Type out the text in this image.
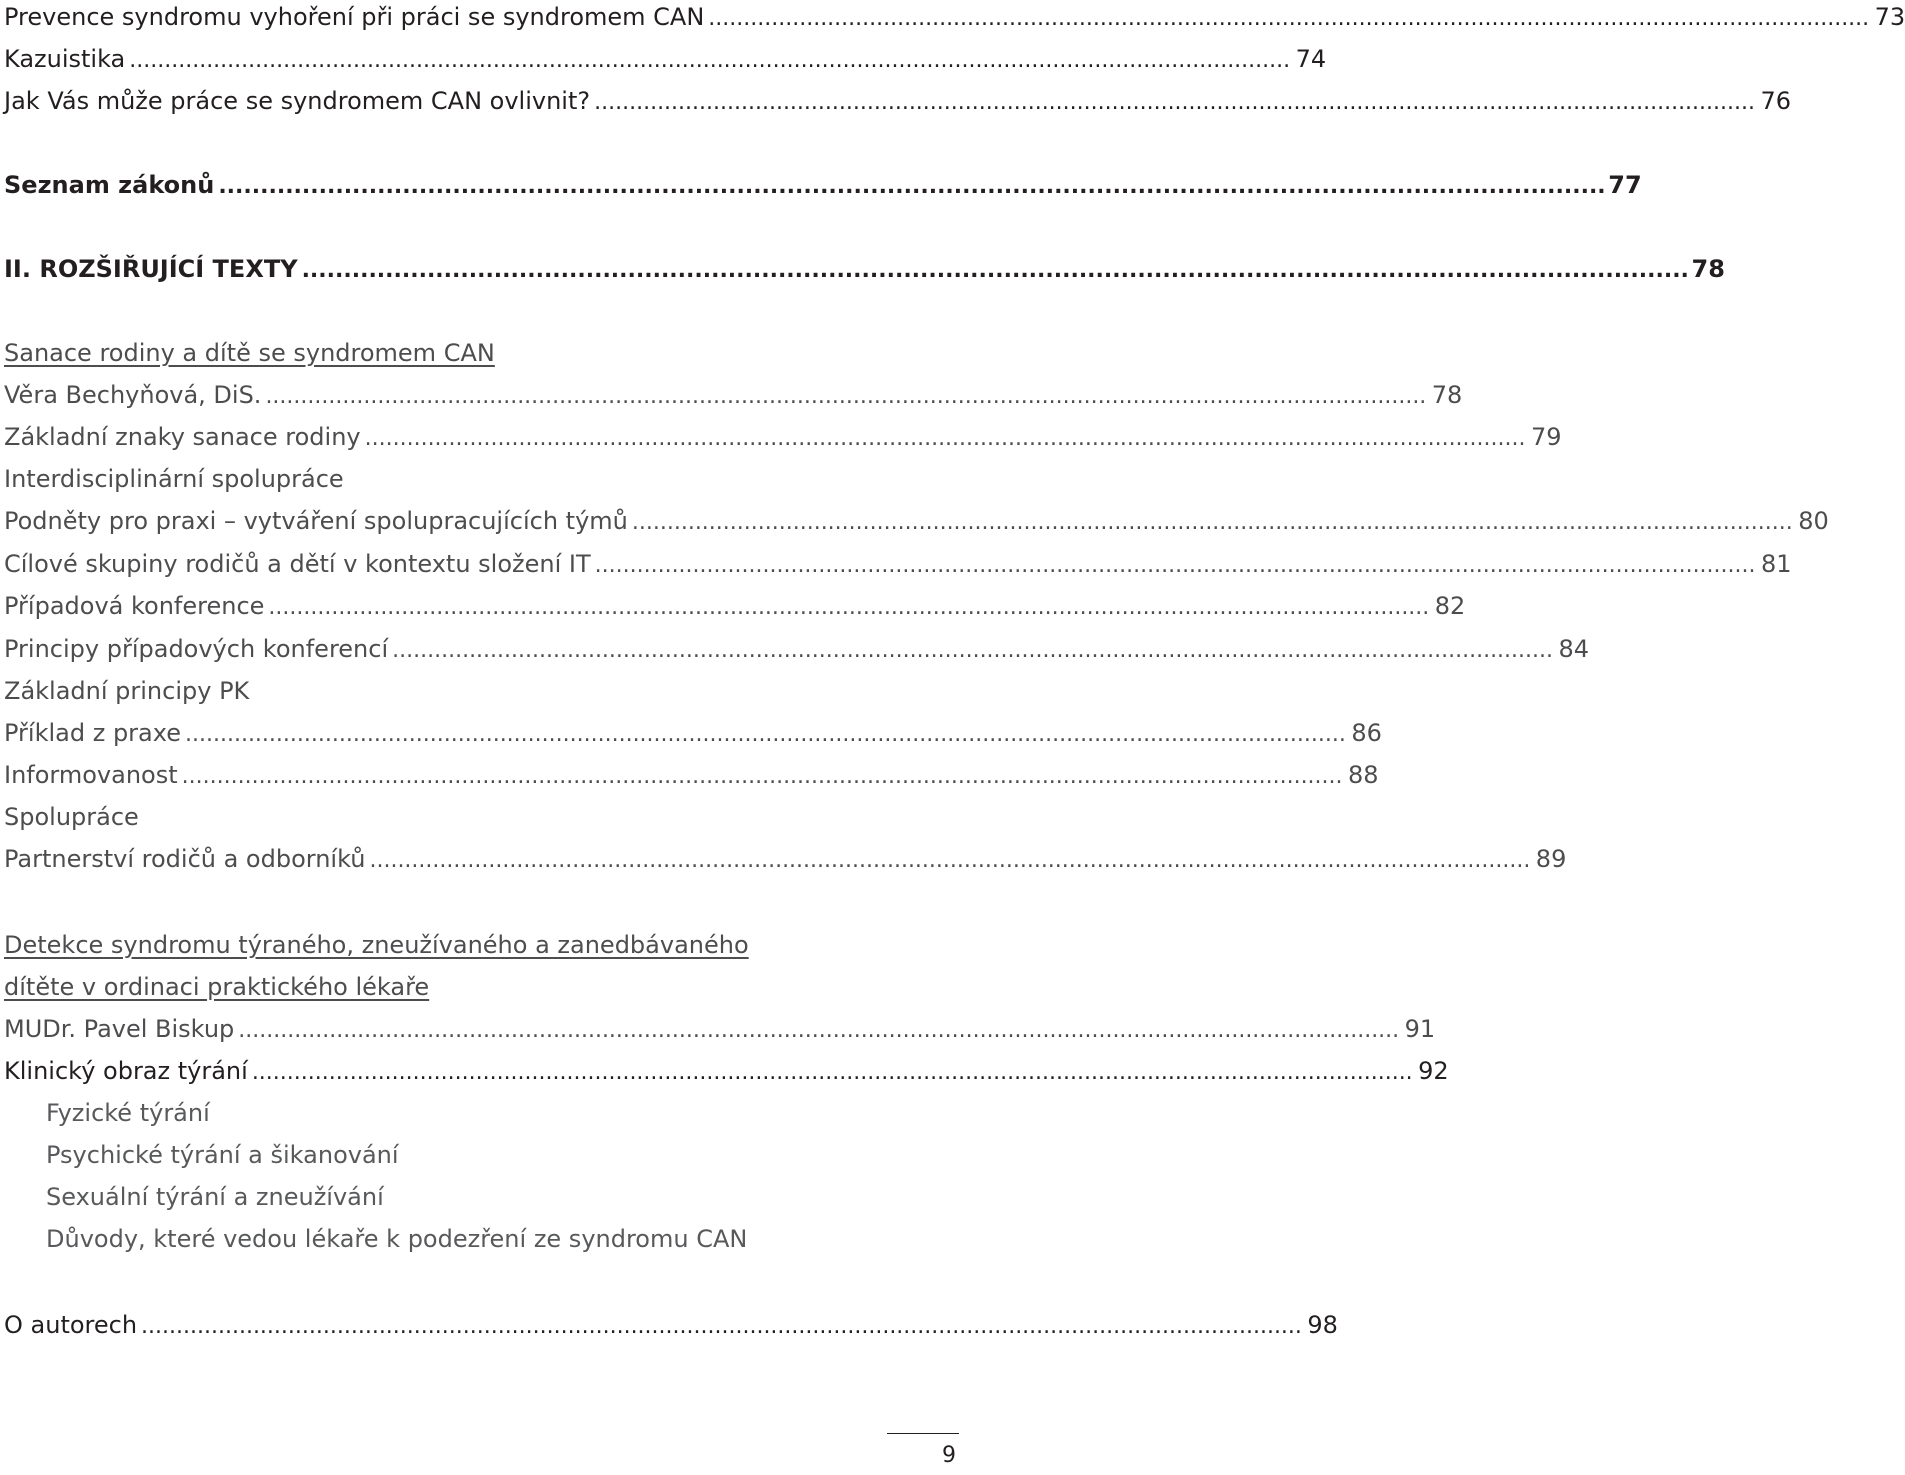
Prevence syndromu vyhoření při práci se syndromem CAN ...................................................................................................................................................................... 73
Kazuistika ...................................................................................................................................................................... 74
Jak Vás může práce se syndromem CAN ovlivnit? ...................................................................................................................................................................... 76
Seznam zákonů ...................................................................................................................................................................... 77
II. ROZŠIŘUJÍCÍ TEXTY ...................................................................................................................................................................... 78
Sanace rodiny a dítě se syndromem CAN
Věra Bechyňová, DiS. ...................................................................................................................................................................... 78
Základní znaky sanace rodiny ...................................................................................................................................................................... 79
Interdisciplinární spolupráce
Podněty pro praxi – vytváření spolupracujících týmů ...................................................................................................................................................................... 80
Cílové skupiny rodičů a dětí v kontextu složení IT ...................................................................................................................................................................... 81
Případová konference ...................................................................................................................................................................... 82
Principy případových konferencí ...................................................................................................................................................................... 84
Základní principy PK
Příklad z praxe ...................................................................................................................................................................... 86
Informovanost ...................................................................................................................................................................... 88
Spolupráce
Partnerství rodičů a odborníků ...................................................................................................................................................................... 89
Detekce syndromu týraného, zneužívaného a zanedbávaného
dítěte v ordinaci praktického lékaře
MUDr. Pavel Biskup ...................................................................................................................................................................... 91
Klinický obraz týrání ...................................................................................................................................................................... 92
Fyzické týrání
Psychické týrání a šikanování
Sexuální týrání a zneužívání
Důvody, které vedou lékaře k podezření ze syndromu CAN
O autorech ...................................................................................................................................................................... 98
9
